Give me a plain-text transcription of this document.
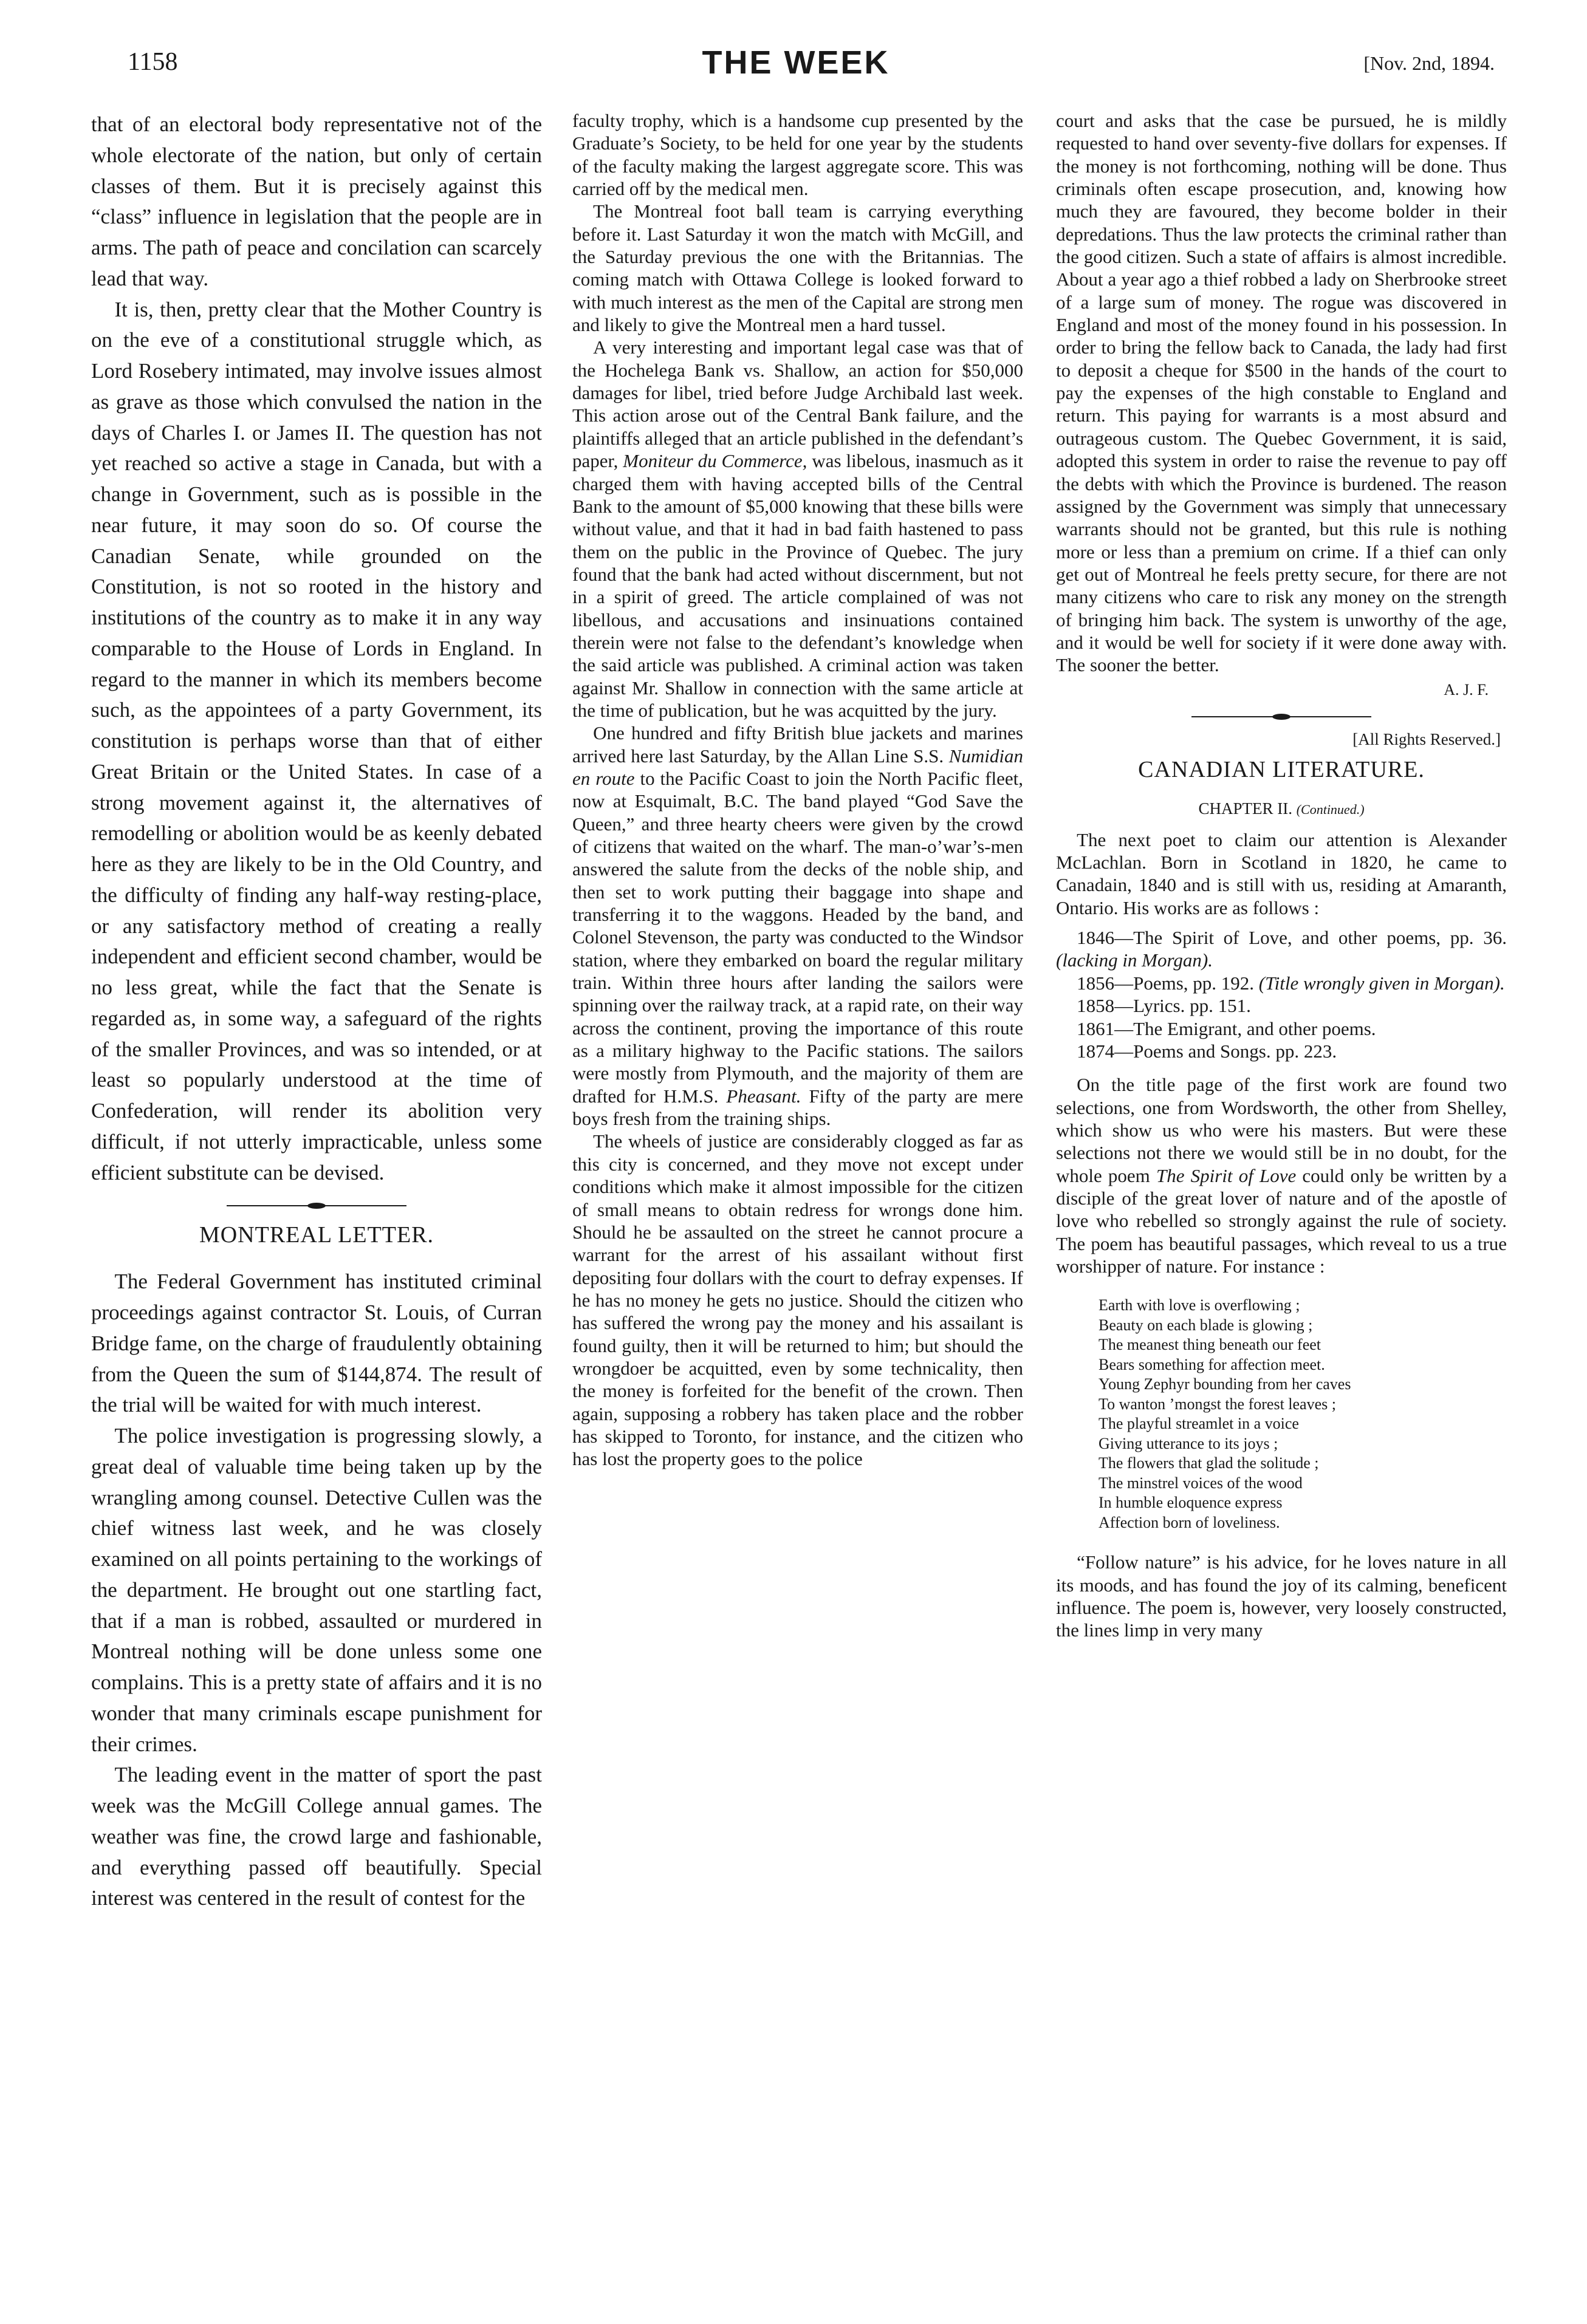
1158	THE WEEK	[Nov. 2nd, 1894.

that of an electoral body representative not of the whole electorate of the nation, but only of certain classes of them. But it is precisely against this “class” influence in legislation that the people are in arms. The path of peace and concilation can scarcely lead that way.

It is, then, pretty clear that the Mother Country is on the eve of a constitutional struggle which, as Lord Rosebery intimated, may involve issues almost as grave as those which convulsed the nation in the days of Charles I. or James II. The question has not yet reached so active a stage in Canada, but with a change in Government, such as is possible in the near future, it may soon do so. Of course the Canadian Senate, while grounded on the Constitution, is not so rooted in the history and institutions of the country as to make it in any way comparable to the House of Lords in England. In regard to the manner in which its members become such, as the appointees of a party Government, its constitution is perhaps worse than that of either Great Britain or the United States. In case of a strong movement against it, the alternatives of remodelling or abolition would be as keenly debated here as they are likely to be in the Old Country, and the difficulty of finding any half-way resting-place, or any satisfactory method of creating a really independent and efficient second chamber, would be no less great, while the fact that the Senate is regarded as, in some way, a safeguard of the rights of the smaller Provinces, and was so intended, or at least so popularly understood at the time of Confederation, will render its abolition very difficult, if not utterly impracticable, unless some efficient substitute can be devised.

MONTREAL LETTER.

The Federal Government has instituted criminal proceedings against contractor St. Louis, of Curran Bridge fame, on the charge of fraudulently obtaining from the Queen the sum of $144,874. The result of the trial will be waited for with much interest.

The police investigation is progressing slowly, a great deal of valuable time being taken up by the wrangling among counsel. Detective Cullen was the chief witness last week, and he was closely examined on all points pertaining to the workings of the department. He brought out one startling fact, that if a man is robbed, assaulted or murdered in Montreal nothing will be done unless some one complains. This is a pretty state of affairs and it is no wonder that many criminals escape punishment for their crimes.

The leading event in the matter of sport the past week was the McGill College annual games. The weather was fine, the crowd large and fashionable, and everything passed off beautifully. Special interest was centered in the result of contest for the

faculty trophy, which is a handsome cup presented by the Graduate’s Society, to be held for one year by the students of the faculty making the largest aggregate score. This was carried off by the medical men.

The Montreal foot ball team is carrying everything before it. Last Saturday it won the match with McGill, and the Saturday previous the one with the Britannias. The coming match with Ottawa College is looked forward to with much interest as the men of the Capital are strong men and likely to give the Montreal men a hard tussel.

A very interesting and important legal case was that of the Hochelega Bank vs. Shallow, an action for $50,000 damages for libel, tried before Judge Archibald last week. This action arose out of the Central Bank failure, and the plaintiffs alleged that an article published in the defendant’s paper, Moniteur du Commerce, was libelous, inasmuch as it charged them with having accepted bills of the Central Bank to the amount of $5,000 knowing that these bills were without value, and that it had in bad faith hastened to pass them on the public in the Province of Quebec. The jury found that the bank had acted without discernment, but not in a spirit of greed. The article complained of was not libellous, and accusations and insinuations contained therein were not false to the defendant’s knowledge when the said article was published. A criminal action was taken against Mr. Shallow in connection with the same article at the time of publication, but he was acquitted by the jury.

One hundred and fifty British blue jackets and marines arrived here last Saturday, by the Allan Line S.S. Numidian en route to the Pacific Coast to join the North Pacific fleet, now at Esquimalt, B.C. The band played “God Save the Queen,” and three hearty cheers were given by the crowd of citizens that waited on the wharf. The man-o’war’s-men answered the salute from the decks of the noble ship, and then set to work putting their baggage into shape and transferring it to the waggons. Headed by the band, and Colonel Stevenson, the party was conducted to the Windsor station, where they embarked on board the regular military train. Within three hours after landing the sailors were spinning over the railway track, at a rapid rate, on their way across the continent, proving the importance of this route as a military highway to the Pacific stations. The sailors were mostly from Plymouth, and the majority of them are drafted for H.M.S. Pheasant. Fifty of the party are mere boys fresh from the training ships.

The wheels of justice are considerably clogged as far as this city is concerned, and they move not except under conditions which make it almost impossible for the citizen of small means to obtain redress for wrongs done him. Should he be assaulted on the street he cannot procure a warrant for the arrest of his assailant without first depositing four dollars with the court to defray expenses. If he has no money he gets no justice. Should the citizen who has suffered the wrong pay the money and his assailant is found guilty, then it will be returned to him; but should the wrongdoer be acquitted, even by some technicality, then the money is forfeited for the benefit of the crown. Then again, supposing a robbery has taken place and the robber has skipped to Toronto, for instance, and the citizen who has lost the property goes to the police

court and asks that the case be pursued, he is mildly requested to hand over seventy-five dollars for expenses. If the money is not forthcoming, nothing will be done. Thus criminals often escape prosecution, and, knowing how much they are favoured, they become bolder in their depredations. Thus the law protects the criminal rather than the good citizen. Such a state of affairs is almost incredible. About a year ago a thief robbed a lady on Sherbrooke street of a large sum of money. The rogue was discovered in England and most of the money found in his possession. In order to bring the fellow back to Canada, the lady had first to deposit a cheque for $500 in the hands of the court to pay the expenses of the high constable to England and return. This paying for warrants is a most absurd and outrageous custom. The Quebec Government, it is said, adopted this system in order to raise the revenue to pay off the debts with which the Province is burdened. The reason assigned by the Government was simply that unnecessary warrants should not be granted, but this rule is nothing more or less than a premium on crime. If a thief can only get out of Montreal he feels pretty secure, for there are not many citizens who care to risk any money on the strength of bringing him back. The system is unworthy of the age, and it would be well for society if it were done away with. The sooner the better.

A. J. F.
[All Rights Reserved.]
CANADIAN LITERATURE.
CHAPTER II. (Continued.)

The next poet to claim our attention is Alexander McLachlan. Born in Scotland in 1820, he came to Canadain, 1840 and is still with us, residing at Amaranth, Ontario. His works are as follows :

1846—The Spirit of Love, and other poems, pp. 36. (lacking in Morgan).
1856—Poems, pp. 192. (Title wrongly given in Morgan).
1858—Lyrics. pp. 151.
1861—The Emigrant, and other poems.
1874—Poems and Songs. pp. 223.

On the title page of the first work are found two selections, one from Wordsworth, the other from Shelley, which show us who were his masters. But were these selections not there we would still be in no doubt, for the whole poem The Spirit of Love could only be written by a disciple of the great lover of nature and of the apostle of love who rebelled so strongly against the rule of society. The poem has beautiful passages, which reveal to us a true worshipper of nature. For instance :

Earth with love is overflowing ;
Beauty on each blade is glowing ;
The meanest thing beneath our feet
Bears something for affection meet.
Young Zephyr bounding from her caves
To wanton ’mongst the forest leaves ;
The playful streamlet in a voice
Giving utterance to its joys ;
The flowers that glad the solitude ;
The minstrel voices of the wood
In humble eloquence express
Affection born of loveliness.

“Follow nature” is his advice, for he loves nature in all its moods, and has found the joy of its calming, beneficent influence. The poem is, however, very loosely constructed, the lines limp in very many
